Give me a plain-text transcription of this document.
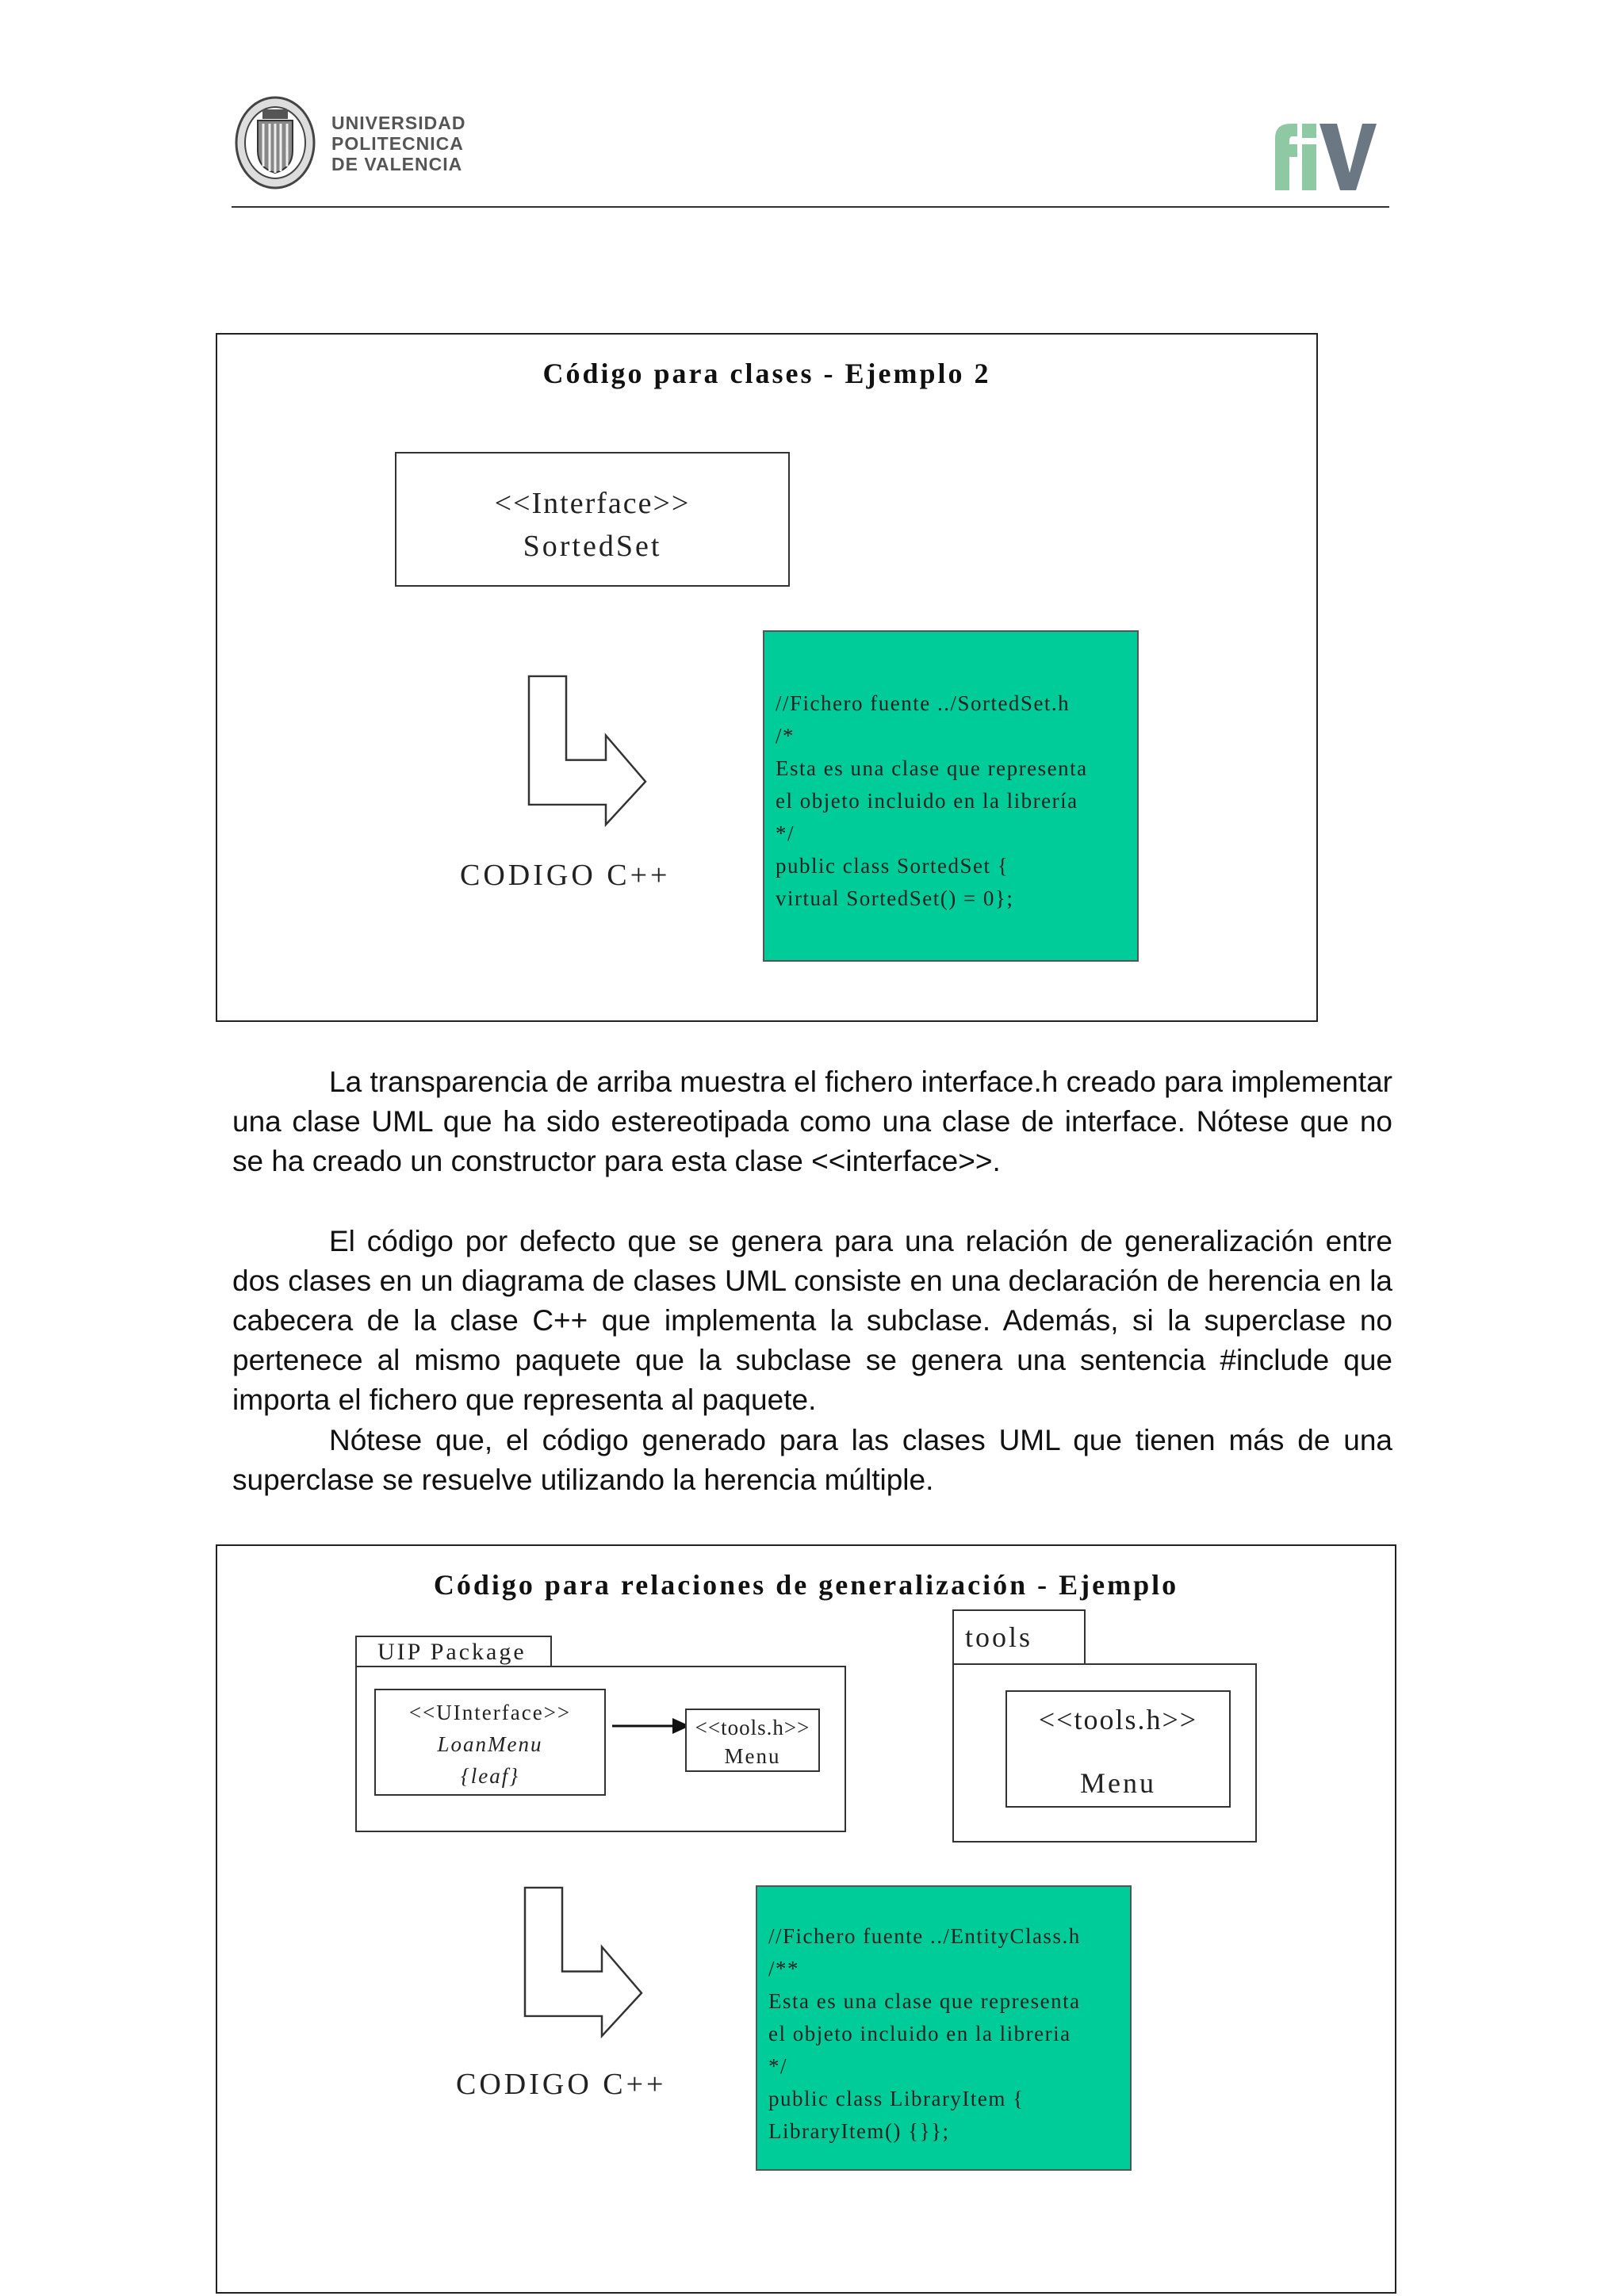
UNIVERSIDAD
POLITECNICA
DE VALENCIA
Código para clases - Ejemplo 2
<<Interface>>
SortedSet
CODIGO C++
//Fichero fuente ../SortedSet.h
/*
Esta es una clase que representa
el objeto incluido en la librería
*/
public class SortedSet {
virtual SortedSet() = 0};
La transparencia de arriba muestra el fichero interface.h creado para implementar una clase UML que ha sido estereotipada como una clase de interface. Nótese que no se ha creado un constructor para esta clase <<interface>>.
El código por defecto que se genera para una relación de generalización entre dos clases en un diagrama de clases UML consiste en una declaración de herencia en la cabecera de la clase C++ que implementa la subclase. Además, si la superclase no pertenece al mismo paquete que la subclase se genera una sentencia #include que importa el fichero que representa al paquete.
Nótese que, el código generado para las clases UML que tienen más de una superclase se resuelve utilizando la herencia múltiple.
Código para relaciones de generalización - Ejemplo
UIP Package
<<UInterface>>
LoanMenu
{leaf}
<<tools.h>>
Menu
tools
<<tools.h>>
Menu
CODIGO C++
//Fichero fuente ../EntityClass.h
/**
Esta es una clase que representa
el objeto incluido en la libreria
*/
public class LibraryItem {
LibraryItem() {}};
